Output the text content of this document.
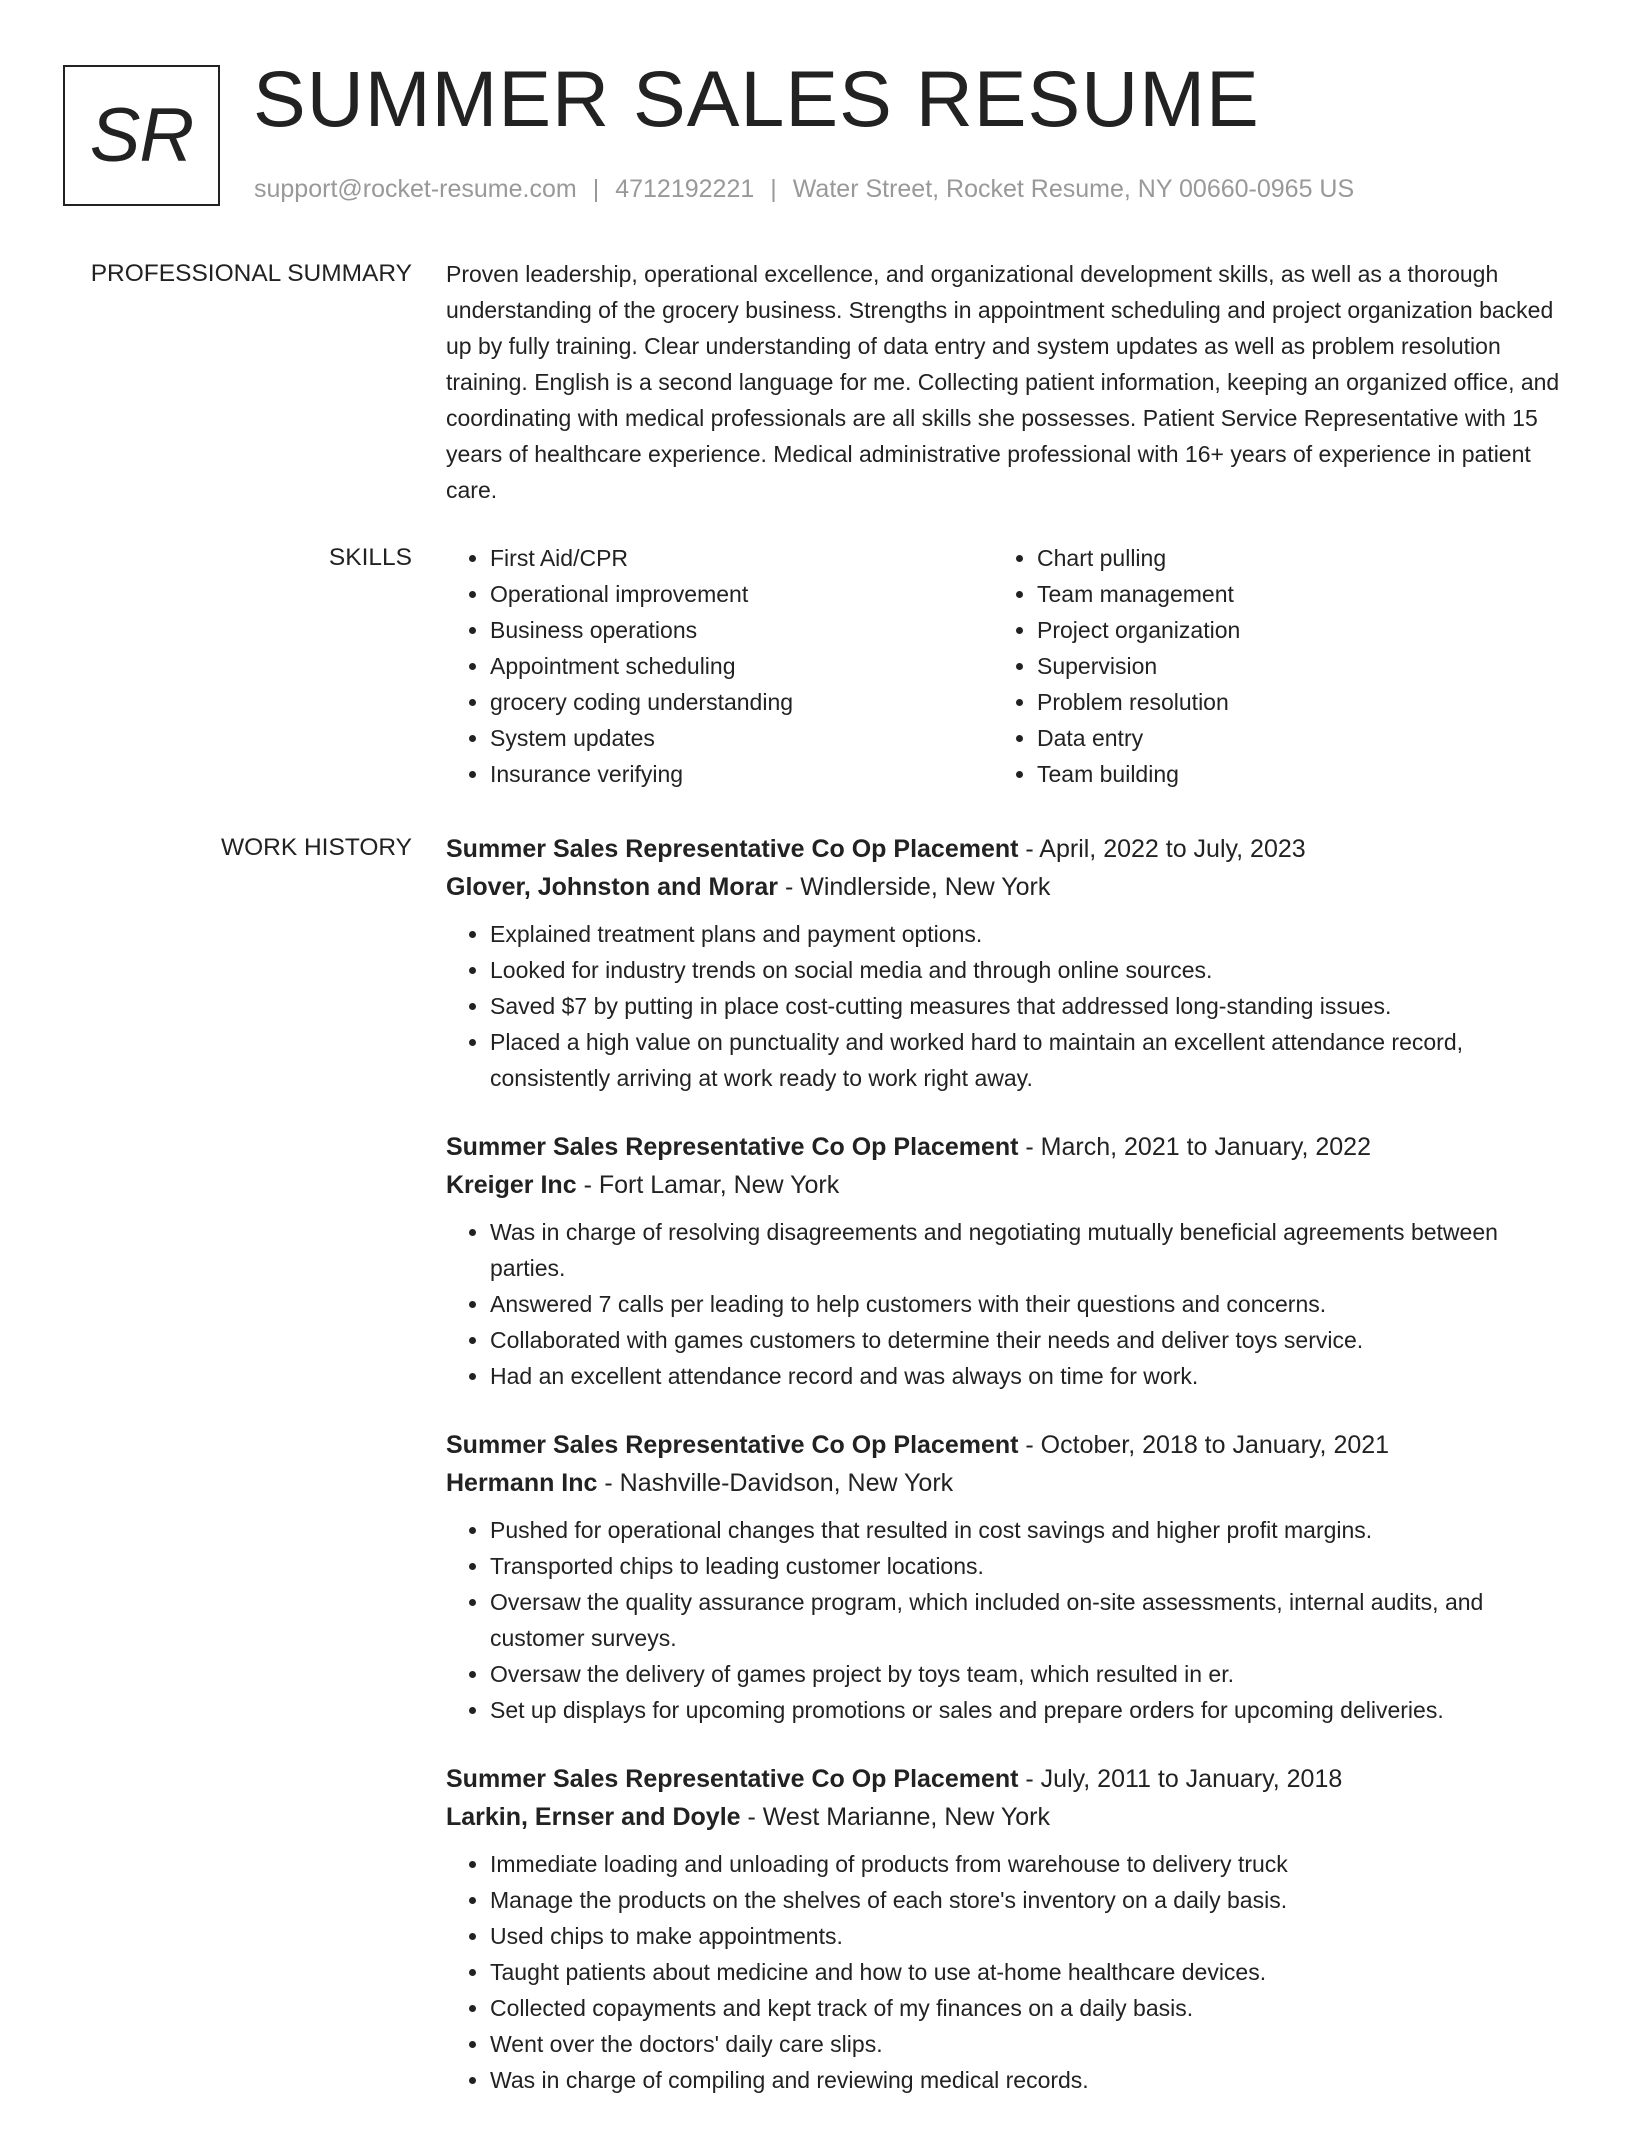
SR SUMMER SALES RESUME
support@rocket-resume.com | 4712192221 | Water Street, Rocket Resume, NY 00660-0965 US
PROFESSIONAL SUMMARY Proven leadership, operational excellence, and organizational development skills, as well as a thorough understanding of the grocery business. Strengths in appointment scheduling and project organization backed up by fully training. Clear understanding of data entry and system updates as well as problem resolution training. English is a second language for me. Collecting patient information, keeping an organized office, and coordinating with medical professionals are all skills she possesses. Patient Service Representative with 15 years of healthcare experience. Medical administrative professional with 16+ years of experience in patient care.
SKILLS
•	First Aid/CPR
• Operational improvement
• Business operations
• Appointment scheduling
• grocery coding understanding
• System updates
• Insurance verifying
• Chart pulling
• Team management
• Project organization
• Supervision
• Problem resolution
• Data entry
• Team building
WORK HISTORY Summer Sales Representative Co Op Placement - April, 2022 to July, 2023
Glover, Johnston and Morar - Windlerside, New York
• Explained treatment plans and payment options.
• Looked for industry trends on social media and through online sources.
• Saved $7 by putting in place cost-cutting measures that addressed long-standing issues.
• Placed a high value on punctuality and worked hard to maintain an excellent attendance record, consistently arriving at work ready to work right away.
Summer Sales Representative Co Op Placement - March, 2021 to January, 2022
Kreiger Inc - Fort Lamar, New York
• Was in charge of resolving disagreements and negotiating mutually beneficial agreements between parties.
• Answered 7 calls per leading to help customers with their questions and concerns.
• Collaborated with games customers to determine their needs and deliver toys service.
• Had an excellent attendance record and was always on time for work.
Summer Sales Representative Co Op Placement - October, 2018 to January, 2021
Hermann Inc - Nashville-Davidson, New York
• Pushed for operational changes that resulted in cost savings and higher profit margins.
• Transported chips to leading customer locations.
• Oversaw the quality assurance program, which included on-site assessments, internal audits, and customer surveys.
• Oversaw the delivery of games project by toys team, which resulted in er.
• Set up displays for upcoming promotions or sales and prepare orders for upcoming deliveries.
Summer Sales Representative Co Op Placement - July, 2011 to January, 2018
Larkin, Ernser and Doyle - West Marianne, New York
• Immediate loading and unloading of products from warehouse to delivery truck
• Manage the products on the shelves of each store's inventory on a daily basis.
• Used chips to make appointments.
• Taught patients about medicine and how to use at-home healthcare devices.
• Collected copayments and kept track of my finances on a daily basis.
• Went over the doctors' daily care slips.
• Was in charge of compiling and reviewing medical records.
